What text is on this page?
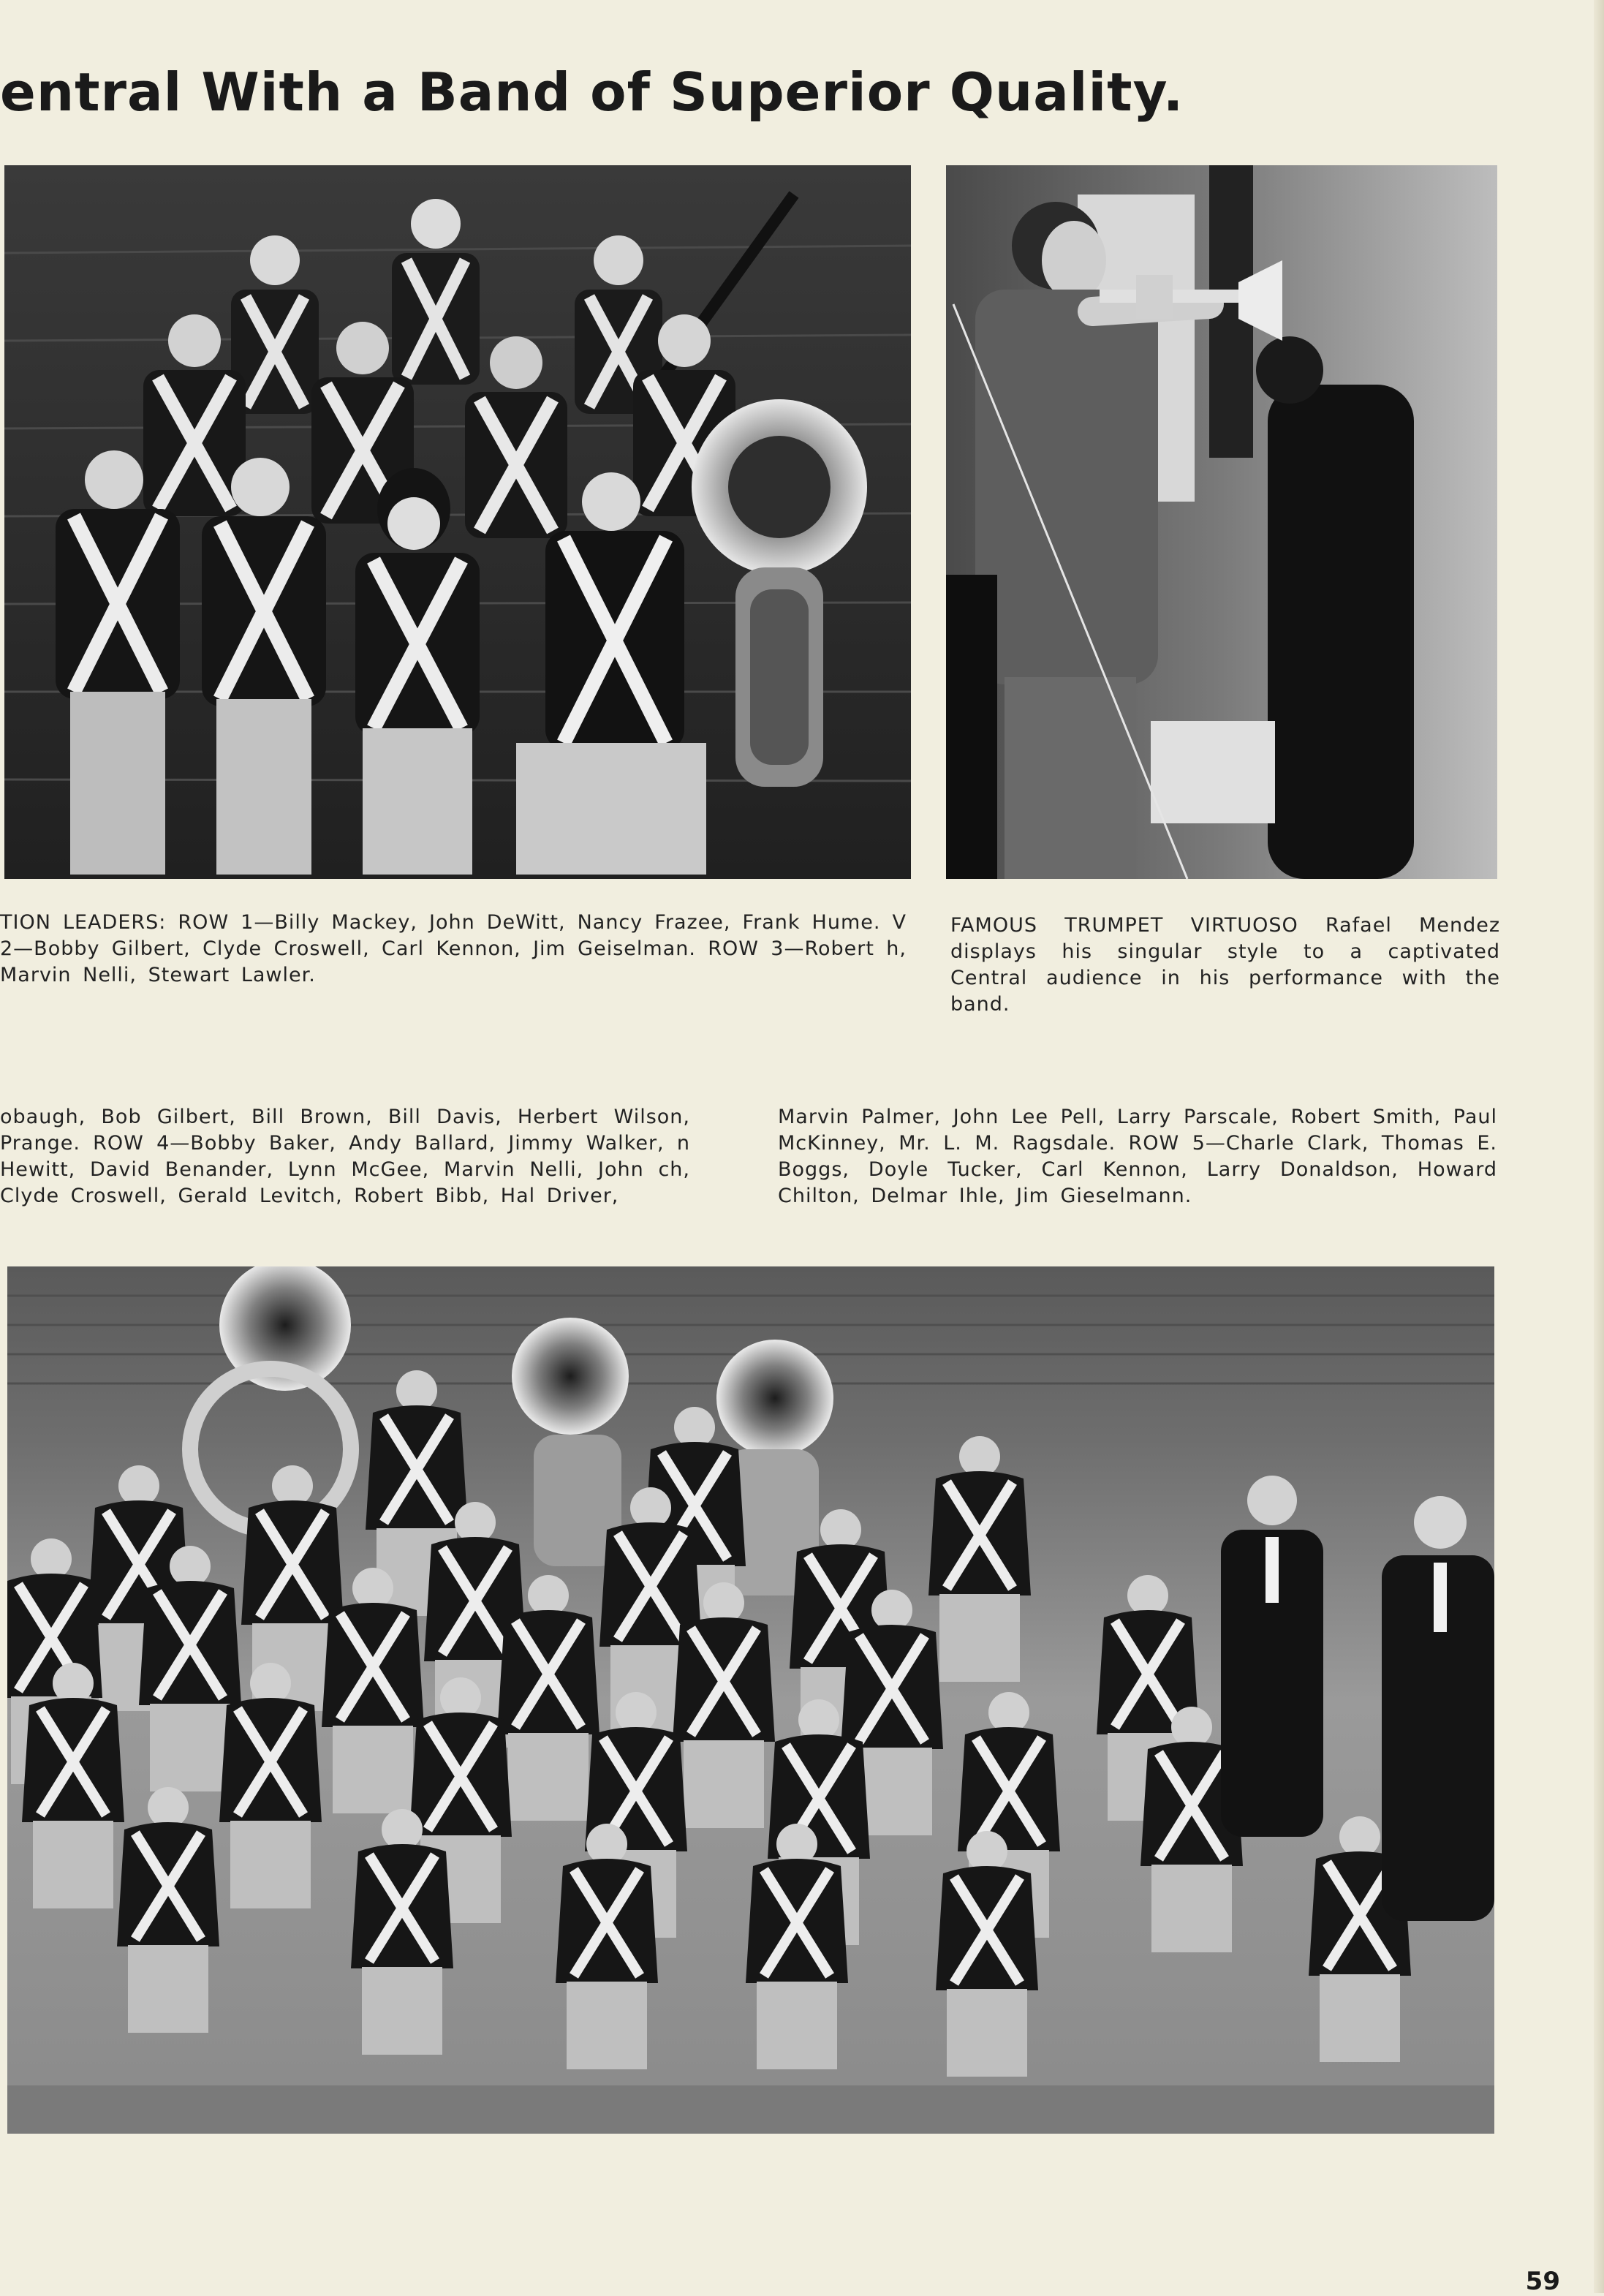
entral With a Band of Superior Quality.

TION LEADERS: ROW 1—Billy Mackey, John DeWitt, Nancy Frazee, Frank Hume. V 2—Bobby Gilbert, Clyde Croswell, Carl Kennon, Jim Geiselman. ROW 3—Robert h, Marvin Nelli, Stewart Lawler.

FAMOUS TRUMPET VIRTUOSO Rafael Mendez displays his singular style to a captivated Central audience in his performance with the band.

obaugh, Bob Gilbert, Bill Brown, Bill Davis, Herbert Wilson, Prange. ROW 4—Bobby Baker, Andy Ballard, Jimmy Walker, n Hewitt, David Benander, Lynn McGee, Marvin Nelli, John ch, Clyde Croswell, Gerald Levitch, Robert Bibb, Hal Driver,

Marvin Palmer, John Lee Pell, Larry Parscale, Robert Smith, Paul McKinney, Mr. L. M. Ragsdale. ROW 5—Charle Clark, Thomas E. Boggs, Doyle Tucker, Carl Kennon, Larry Donaldson, Howard Chilton, Delmar Ihle, Jim Gieselmann.

59
